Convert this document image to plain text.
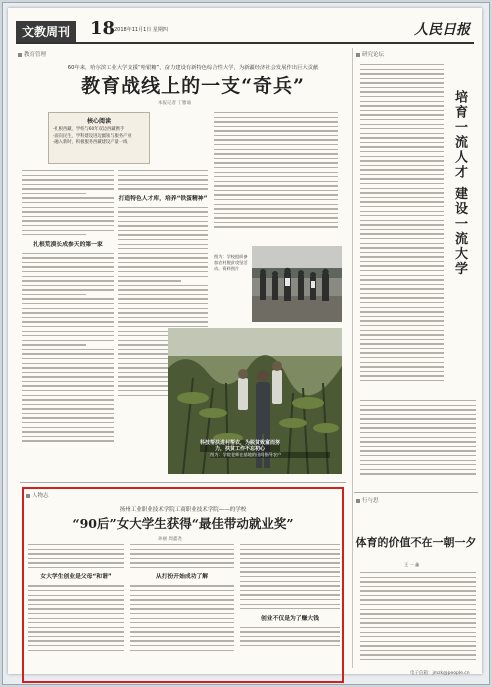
文教周刊	18
2018年11月1日 星期四	人民日报
教育管理	研究论坛
60年来，哈尔滨工业大学支援“哈银糖”，奋力建设有新特色综合性大学，为新疆经济社会发展作出巨大贡献
教育战线上的一支“奇兵”
本报记者 丁雅诵
核心阅读

·扎根西藏，学校与60年双边西藏携手

·面向民生，学科建设进边疆领与服务产业

·融入新时，积极服务西藏建设产量一线

扎根荒漠长成参天的第一家
打造特色人才库，培养“铁蛋精神”
图为：学校组织参加农村脱贫攻坚活动。资料图片	培育一流人才 建设一流大学
行与思
体育的价值不在一朝一夕
王 一 鑫
人物志
扬州工业职业技术学院工商职业技术学院——的学校
“90后”女大学生获得“最佳带动就业奖”
孙丽 周鑫尧
女大学生创业是父母“和谐”	从打扮开始成功了解
创业不仅是为了赚大钱
电子信箱：jmzk@people.cn
科技帮扶进村帮农，为脱贫致富而努力，扶贫工作不忘初心
图为：学院老师在基地的田间指导农户
